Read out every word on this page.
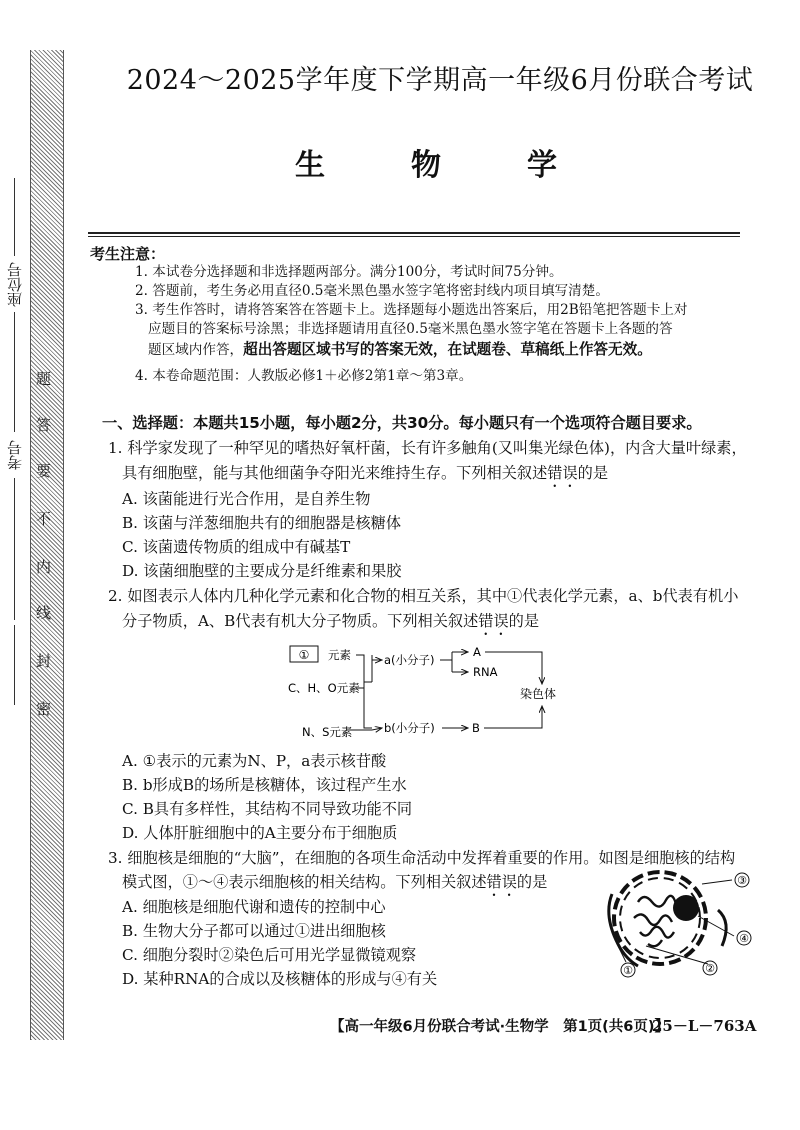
座位号
考号
题
答
要
不
内
线
封
密
2024～2025学年度下学期高一年级6月份联合考试
生　物　学
考生注意：
1. 本试卷分选择题和非选择题两部分。满分100分，考试时间75分钟。
2. 答题前，考生务必用直径0.5毫米黑色墨水签字笔将密封线内项目填写清楚。
3. 考生作答时，请将答案答在答题卡上。选择题每小题选出答案后，用2B铅笔把答题卡上对
应题目的答案标号涂黑；非选择题请用直径0.5毫米黑色墨水签字笔在答题卡上各题的答
题区域内作答，超出答题区域书写的答案无效，在试题卷、草稿纸上作答无效。
4. 本卷命题范围：人教版必修1＋必修2第1章～第3章。
一、选择题：本题共15小题，每小题2分，共30分。每小题只有一个选项符合题目要求。
1. 科学家发现了一种罕见的嗜热好氧杆菌，长有许多触角(又叫集光绿色体)，内含大量叶绿素，
具有细胞壁，能与其他细菌争夺阳光来维持生存。下列相关叙述错误的是
A. 该菌能进行光合作用，是自养生物
B. 该菌与洋葱细胞共有的细胞器是核糖体
C. 该菌遗传物质的组成中有碱基T
D. 该菌细胞壁的主要成分是纤维素和果胶
2. 如图表示人体内几种化学元素和化合物的相互关系，其中①代表化学元素，a、b代表有机小
分子物质，A、B代表有机大分子物质。下列相关叙述错误的是
① 元素
C、H、O元素
N、S元素
a(小分子)
A
RNA
染色体
b(小分子)	B
A. ①表示的元素为N、P，a表示核苷酸
B. b形成B的场所是核糖体，该过程产生水
C. B具有多样性，其结构不同导致功能不同
D. 人体肝脏细胞中的A主要分布于细胞质
3. 细胞核是细胞的“大脑”，在细胞的各项生命活动中发挥着重要的作用。如图是细胞核的结构
模式图，①～④表示细胞核的相关结构。下列相关叙述错误的是
A. 细胞核是细胞代谢和遗传的控制中心
B. 生物大分子都可以通过①进出细胞核
C. 细胞分裂时②染色后可用光学显微镜观察
D. 某种RNA的合成以及核糖体的形成与④有关	①	②
③
④
【高一年级6月份联合考试·生物学　第1页(共6页)】
25－L－763A
